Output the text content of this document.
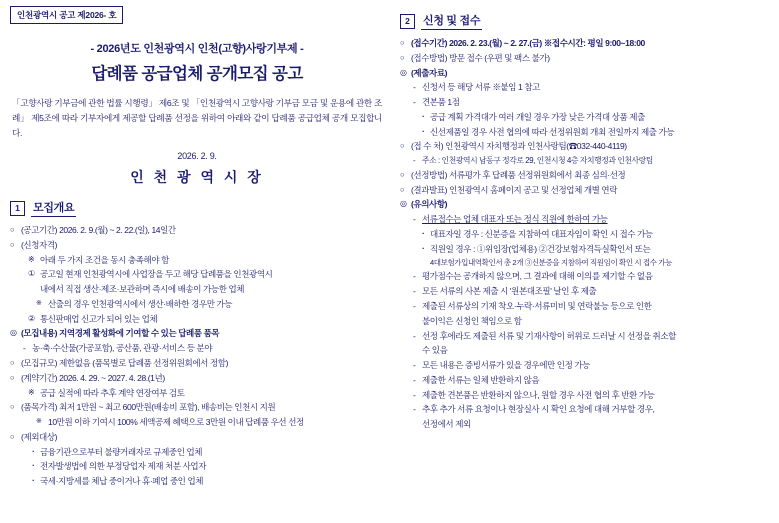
인천광역시 공고 제2026- 호
- 2026년도 인천광역시 인천(고향)사랑기부제 -
답례품 공급업체 공개모집 공고
「고향사랑 기부금에 관한 법률 시행령」 제6조 및 「인천광역시 고향사랑 기부금 모금 및 운용에 관한 조례」 제5조에 따라 기부자에게 제공할 답례품 선정을 위하여 아래와 같이 답례품 공급업체 공개 모집합니다.
2026. 2. 9.
인 천 광 역 시 장
1	모집개요
○ (공고기간) 2026. 2. 9.(월) ~ 2. 22.(일), 14일간
○ (신청자격)
※ 아래 두 가지 조건을 동시 충족해야 함
① 공고일 현재 인천광역시에 사업장을 두고 해당 답례품을 인천광역시
내에서 직접 생산·제조·보관하며 즉시에 배송이 가능한 업체
※ 산출의 경우 인천광역시에서 생산·배하한 경우만 가능
② 통신판매업 신고가 되어 있는 업체
◎ (모집내용) 지역경제 활성화에 기여할 수 있는 답례품 품목
- 농·축·수산물(가공포함), 공산품, 관광·서비스 등 분야
○ (모집규모) 제한없음 (품목별로 답례품 선정위원회에서 정함)
○ (계약기간) 2026. 4. 29. ~ 2027. 4. 28.(1년)
※ 공급 실적에 따라 추후 계약 연장여부 검토
○ (품목가격) 최저 1만원 ~ 최고 600만원(배송비 포함), 배송비는 인천시 지원
※ 10만원 이하 기여시 100% 세액공제 혜택으로 3만원 이내 답례품 우선 선정
○ (제외대상)
· 금융기관으로부터 불량거래자로 규제중인 업체
· 전자발생법에 의한 부정당업자 제재 처분 사업자
· 국세·지방세를 체납 중이거나 휴·폐업 중인 업체
2	신청 및 접수
○ (접수기간) 2026. 2. 23.(월) ~ 2. 27.(금) ※접수시간: 평일 9:00~18:00
○ (접수방법) 방문 접수 (우편 및 팩스 불가)
◎ (제출자료)
- 신청서 등 해당 서류 ※붙임 1 참고
- 견본품 1점
· 공급 계획 가격대가 여러 개일 경우 가장 낮은 가격대 상품 제출
· 신선제품일 경우 사전 협의에 따라 선정위원회 개최 전일까지 제출 가능
○ (접 수 처) 인천광역시 자치행정과 인천사랑팀(☎032-440-4119)
- 주소 : 인천광역시 남동구 정각로 29, 인천시청 4층 자치행정과 인천사랑팀
○ (선정방법) 서류평가 후 답례품 선정위원회에서 최종 심의·선정
○ (결과발표) 인천광역시 홈페이지 공고 및 선정업체 개별 연락
◎ (유의사항)
- 서류접수는 업체 대표자 또는 정식 직원에 한하여 가능
· 대표자일 경우 : 신분증을 지참하여 대표자임이 확인 시 접수 가능
· 직원일 경우 : ①위임장(업체용) ②건강보험자격득실확인서 또는
4대보험가입내역확인서 총 2개 ③신분증을 지참하여 직원임이 확인 시 접수 가능
- 평가점수는 공개하지 않으며, 그 결과에 대해 이의를 제기할 수 없음
- 모든 서류의 사본 제출 시 '원본대조필' 날인 후 제출
- 제출된 서류상의 기재 착오·누락·서류미비 및 연락불능 등으로 인한
불이익은 신청인 책임으로 함
- 선정 후에라도 제출된 서류 및 기재사항이 허위로 드러날 시 선정을 취소할
수 있음
- 모든 내용은 증빙서류가 있을 경우에만 인정 가능
- 제출한 서류는 일체 반환하지 않음
- 제출한 견본품은 반환하지 않으나, 원할 경우 사전 협의 후 반환 가능
- 추후 추가 서류 요청이나 현장실사 시 확인 요청에 대해 거부할 경우,
선정에서 제외
